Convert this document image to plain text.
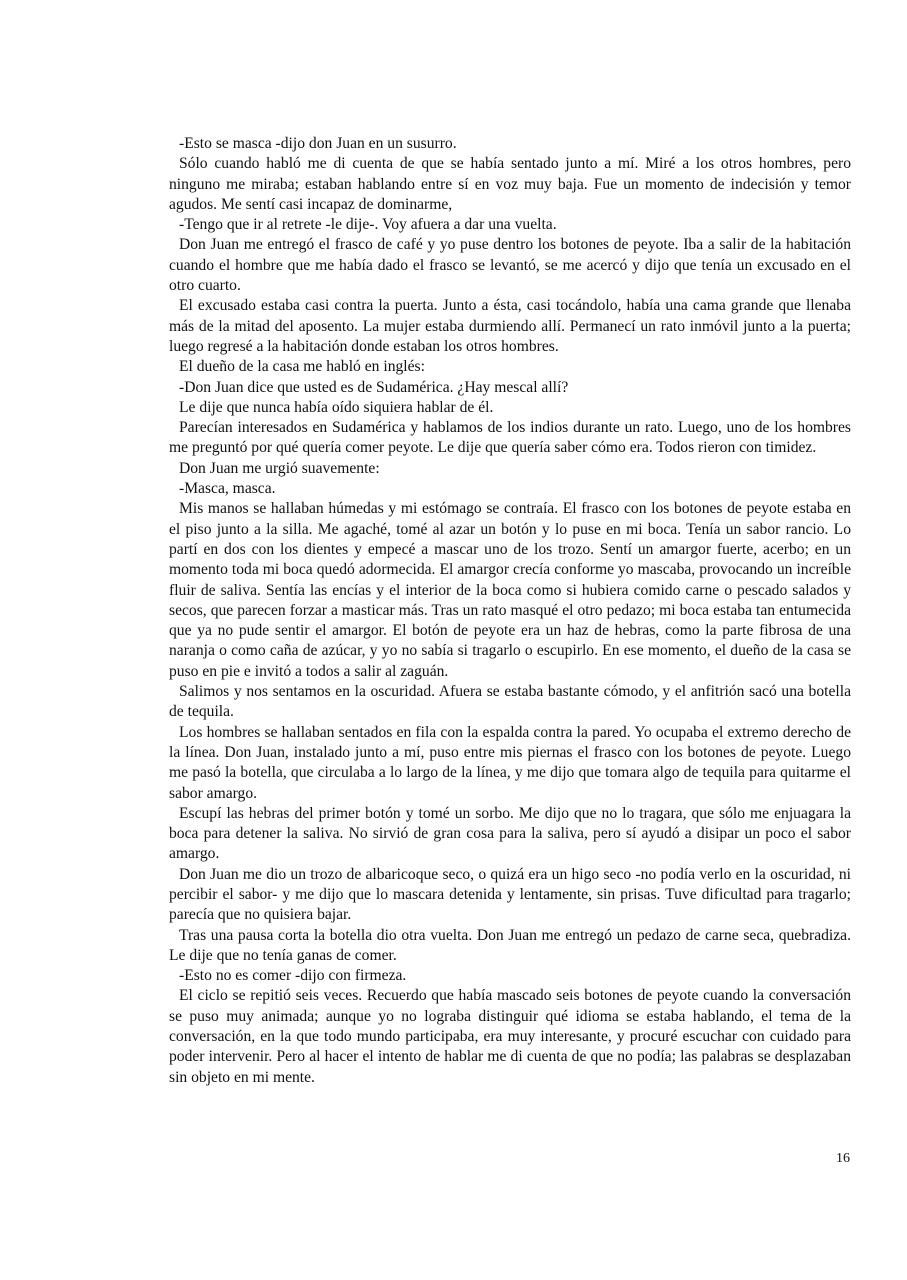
-Esto se masca -dijo don Juan en un susurro.

Sólo cuando habló me di cuenta de que se había sentado junto a mí. Miré a los otros hombres, pero ninguno me miraba; estaban hablando entre sí en voz muy baja. Fue un momento de indecisión y temor agudos. Me sentí casi incapaz de dominarme,

-Tengo que ir al retrete -le dije-. Voy afuera a dar una vuelta.

Don Juan me entregó el frasco de café y yo puse dentro los botones de peyote. Iba a salir de la habitación cuando el hombre que me había dado el frasco se levantó, se me acercó y dijo que tenía un excusado en el otro cuarto.

El excusado estaba casi contra la puerta. Junto a ésta, casi tocándolo, había una cama grande que llenaba más de la mitad del aposento. La mujer estaba durmiendo allí. Permanecí un rato inmóvil junto a la puerta; luego regresé a la habitación donde estaban los otros hombres.

El dueño de la casa me habló en inglés:

-Don Juan dice que usted es de Sudamérica. ¿Hay mescal allí?

Le dije que nunca había oído siquiera hablar de él.

Parecían interesados en Sudamérica y hablamos de los indios durante un rato. Luego, uno de los hombres me preguntó por qué quería comer peyote. Le dije que quería saber cómo era. Todos rieron con timidez.

Don Juan me urgió suavemente:

-Masca, masca.

Mis manos se hallaban húmedas y mi estómago se contraía. El frasco con los botones de peyote estaba en el piso junto a la silla. Me agaché, tomé al azar un botón y lo puse en mi boca. Tenía un sabor rancio. Lo partí en dos con los dientes y empecé a mascar uno de los trozo. Sentí un amargor fuerte, acerbo; en un momento toda mi boca quedó adormecida. El amargor crecía conforme yo mascaba, provocando un increíble fluir de saliva. Sentía las encías y el interior de la boca como si hubiera comido carne o pescado salados y secos, que parecen forzar a masticar más. Tras un rato masqué el otro pedazo; mi boca estaba tan entumecida que ya no pude sentir el amargor. El botón de peyote era un haz de hebras, como la parte fibrosa de una naranja o como caña de azúcar, y yo no sabía si tragarlo o escupirlo. En ese momento, el dueño de la casa se puso en pie e invitó a todos a salir al zaguán.

Salimos y nos sentamos en la oscuridad. Afuera se estaba bastante cómodo, y el anfitrión sacó una botella de tequila.

Los hombres se hallaban sentados en fila con la espalda contra la pared. Yo ocupaba el extremo derecho de la línea. Don Juan, instalado junto a mí, puso entre mis piernas el frasco con los botones de peyote. Luego me pasó la botella, que circulaba a lo largo de la línea, y me dijo que tomara algo de tequila para quitarme el sabor amargo.

Escupí las hebras del primer botón y tomé un sorbo. Me dijo que no lo tragara, que sólo me enjuagara la boca para detener la saliva. No sirvió de gran cosa para la saliva, pero sí ayudó a disipar un poco el sabor amargo.

Don Juan me dio un trozo de albaricoque seco, o quizá era un higo seco -no podía verlo en la oscuridad, ni percibir el sabor- y me dijo que lo mascara detenida y lentamente, sin prisas. Tuve dificultad para tragarlo; parecía que no quisiera bajar.

Tras una pausa corta la botella dio otra vuelta. Don Juan me entregó un pedazo de carne seca, quebradiza. Le dije que no tenía ganas de comer.

-Esto no es comer -dijo con firmeza.

El ciclo se repitió seis veces. Recuerdo que había mascado seis botones de peyote cuando la conversación se puso muy animada; aunque yo no lograba distinguir qué idioma se estaba hablando, el tema de la conversación, en la que todo mundo participaba, era muy interesante, y procuré escuchar con cuidado para poder intervenir. Pero al hacer el intento de hablar me di cuenta de que no podía; las palabras se desplazaban sin objeto en mi mente.

16
